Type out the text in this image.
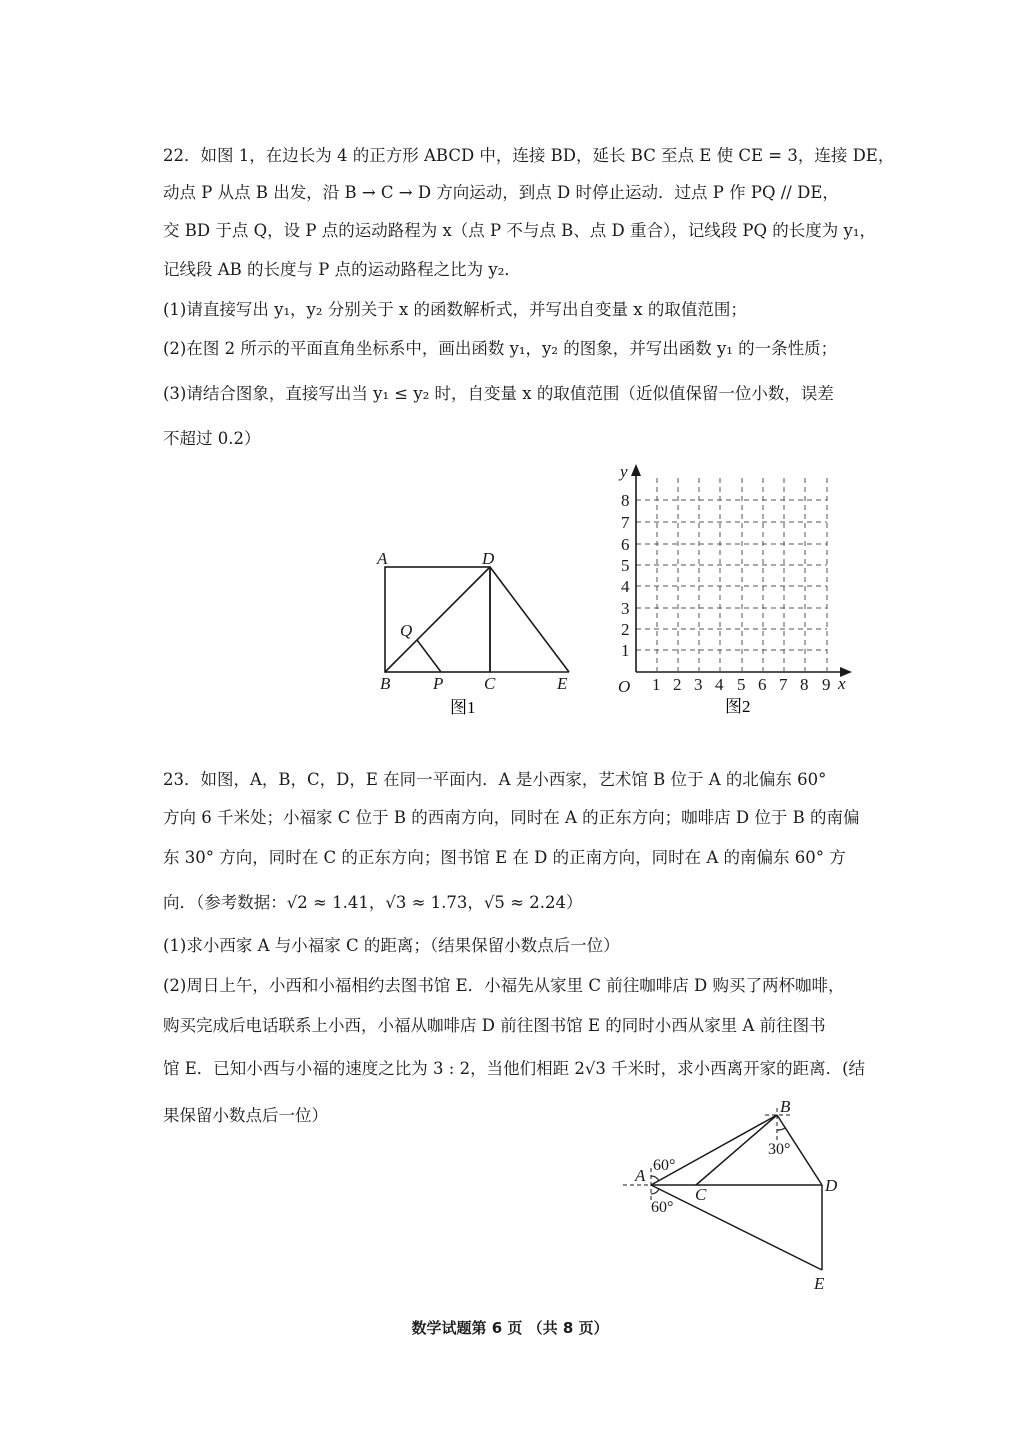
22．如图 1，在边长为 4 的正方形 ABCD 中，连接 BD，延长 BC 至点 E 使 CE = 3，连接 DE，
动点 P 从点 B 出发，沿 B → C → D 方向运动，到点 D 时停止运动．过点 P 作 PQ // DE，
交 BD 于点 Q，设 P 点的运动路程为 x（点 P 不与点 B、点 D 重合），记线段 PQ 的长度为 y₁，
记线段 AB 的长度与 P 点的运动路程之比为 y₂．
(1)请直接写出 y₁，y₂ 分别关于 x 的函数解析式，并写出自变量 x 的取值范围；
(2)在图 2 所示的平面直角坐标系中，画出函数 y₁，y₂ 的图象，并写出函数 y₁ 的一条性质；
(3)请结合图象，直接写出当 y₁ ≤ y₂ 时，自变量 x 的取值范围（近似值保留一位小数，误差
不超过 0.2）
A	D
Q
B	P C	E
图1
y
x
O 1 2 3 4 5 6 7 8 9
1
2
3
4
5
6
7
8
图2
23．如图，A，B，C，D，E 在同一平面内．A 是小西家，艺术馆 B 位于 A 的北偏东 60°
方向 6 千米处；小福家 C 位于 B 的西南方向，同时在 A 的正东方向；咖啡店 D 位于 B 的南偏
东 30° 方向，同时在 C 的正东方向；图书馆 E 在 D 的正南方向，同时在 A 的南偏东 60° 方
向．（参考数据：√2 ≈ 1.41，√3 ≈ 1.73，√5 ≈ 2.24）
(1)求小西家 A 与小福家 C 的距离；（结果保留小数点后一位）
(2)周日上午，小西和小福相约去图书馆 E．小福先从家里 C 前往咖啡店 D 购买了两杯咖啡，
购买完成后电话联系上小西，小福从咖啡店 D 前往图书馆 E 的同时小西从家里 A 前往图书
馆 E．已知小西与小福的速度之比为 3 : 2，当他们相距 2√3 千米时，求小西离开家的距离．(结
果保留小数点后一位）	B
A
C	D
E
60°
60°
30°
数学试题第 6 页 （共 8 页）
